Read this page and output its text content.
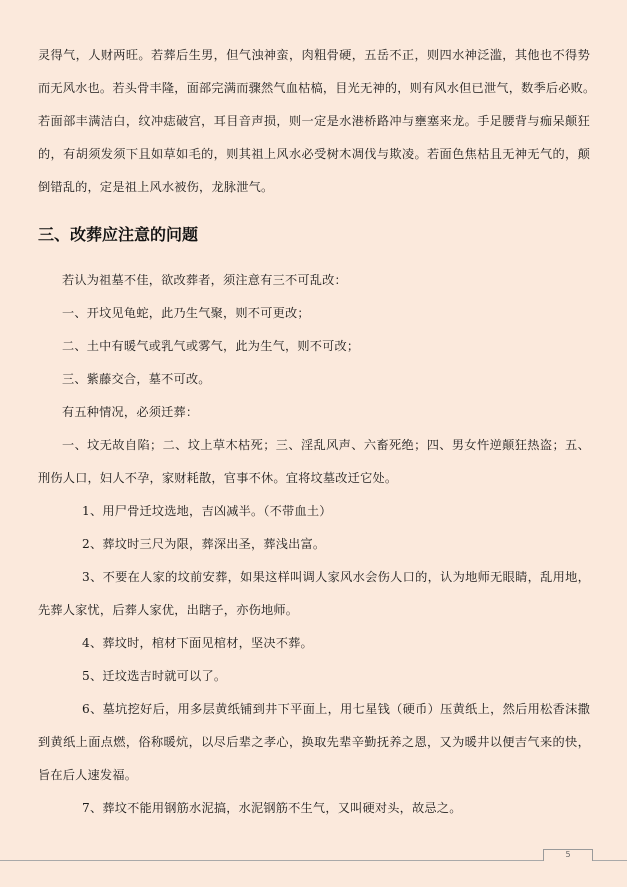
灵得气，人财两旺。若葬后生男，但气浊神蛮，肉粗骨硬，五岳不正，则四水神泛滥，其他也不得势
而无风水也。若头骨丰隆，面部完满而骤然气血枯槁，目光无神的，则有风水但已泄气，数季后必败。
若面部丰满洁白，纹冲痣破宫，耳目音声损，则一定是水港桥路冲与壅塞来龙。手足腰背与痂呆颠狂
的，有胡须发须下且如草如毛的，则其祖上风水必受树木凋伐与欺凌。若面色焦枯且无神无气的，颠
倒错乱的，定是祖上风水被伤，龙脉泄气。
三、改葬应注意的问题
若认为祖墓不佳，欲改葬者，须注意有三不可乱改：
一、开坟见龟蛇，此乃生气聚，则不可更改；
二、土中有暖气或乳气或雾气，此为生气，则不可改；
三、紫藤交合，墓不可改。
有五种情况，必须迁葬：
一、坟无故自陷；二、坟上草木枯死；三、淫乱风声、六畜死绝；四、男女忤逆颠狂热盗；五、
刑伤人口，妇人不孕，家财耗散，官事不休。宜将坟墓改迁它处。
1、用尸骨迁坟选地，吉凶减半。（不带血土）
2、葬坟时三尺为限，葬深出圣，葬浅出富。
3、不要在人家的坟前安葬，如果这样叫调人家风水会伤人口的，认为地师无眼睛，乱用地，
先葬人家忧，后葬人家优，出瞎子，亦伤地师。
4、葬坟时，棺材下面见棺材，坚决不葬。
5、迁坟选吉时就可以了。
6、墓坑挖好后，用多层黄纸铺到井下平面上，用七星钱（硬币）压黄纸上，然后用松香沫撒
到黄纸上面点燃，俗称暖炕，以尽后辈之孝心，换取先辈辛勤抚养之恩，又为暖井以便吉气来的快，
旨在后人速发福。
7、葬坟不能用钢筋水泥搞，水泥钢筋不生气，又叫硬对头，故忌之。
5
